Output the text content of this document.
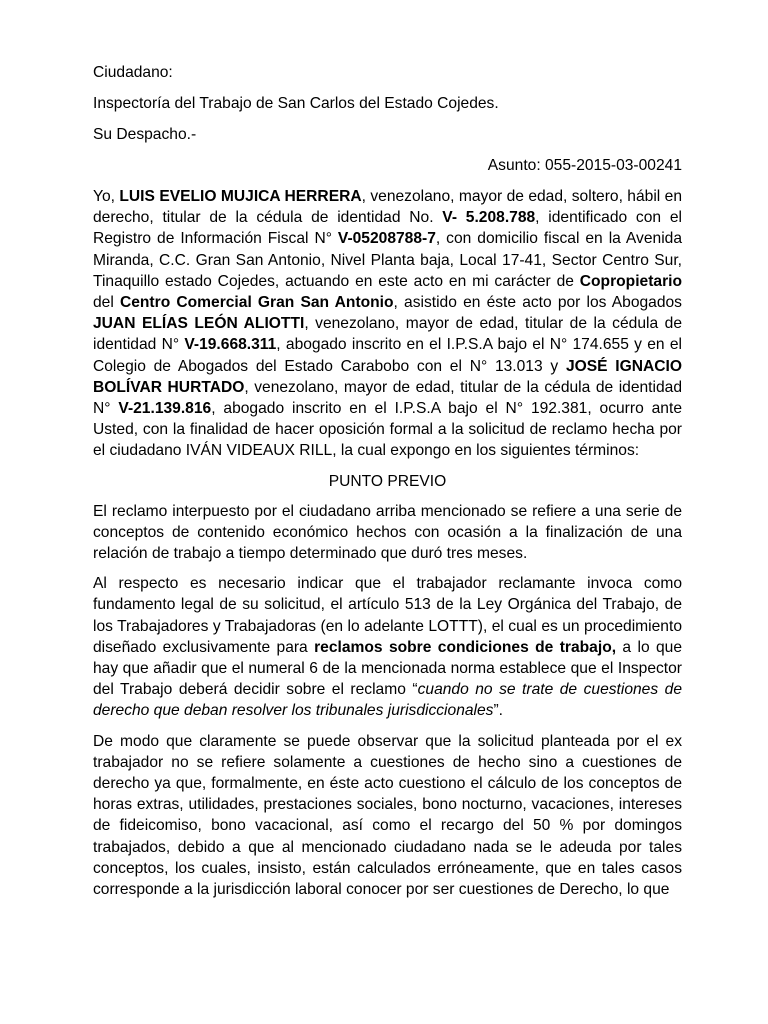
Ciudadano:

Inspectoría del Trabajo de San Carlos del Estado Cojedes.

Su Despacho.-

Asunto: 055-2015-03-00241

Yo, LUIS EVELIO MUJICA HERRERA, venezolano, mayor de edad, soltero, hábil en derecho, titular de la cédula de identidad No. V- 5.208.788, identificado con el Registro de Información Fiscal N° V-05208788-7, con domicilio fiscal en la Avenida Miranda, C.C. Gran San Antonio, Nivel Planta baja, Local 17-41, Sector Centro Sur, Tinaquillo estado Cojedes, actuando en este acto en mi carácter de Copropietario del Centro Comercial Gran San Antonio, asistido en éste acto por los Abogados JUAN ELÍAS LEÓN ALIOTTI, venezolano, mayor de edad, titular de la cédula de identidad N° V-19.668.311, abogado inscrito en el I.P.S.A bajo el N° 174.655 y en el Colegio de Abogados del Estado Carabobo con el N° 13.013 y JOSÉ IGNACIO BOLÍVAR HURTADO, venezolano, mayor de edad, titular de la cédula de identidad N° V-21.139.816, abogado inscrito en el I.P.S.A bajo el N° 192.381, ocurro ante Usted, con la finalidad de hacer oposición formal a la solicitud de reclamo hecha por el ciudadano IVÁN VIDEAUX RILL, la cual expongo en los siguientes términos:

PUNTO PREVIO

El reclamo interpuesto por el ciudadano arriba mencionado se refiere a una serie de conceptos de contenido económico hechos con ocasión a la finalización de una relación de trabajo a tiempo determinado que duró tres meses.

Al respecto es necesario indicar que el trabajador reclamante invoca como fundamento legal de su solicitud, el artículo 513 de la Ley Orgánica del Trabajo, de los Trabajadores y Trabajadoras (en lo adelante LOTTT), el cual es un procedimiento diseñado exclusivamente para reclamos sobre condiciones de trabajo, a lo que hay que añadir que el numeral 6 de la mencionada norma establece que el Inspector del Trabajo deberá decidir sobre el reclamo “cuando no se trate de cuestiones de derecho que deban resolver los tribunales jurisdiccionales”.

De modo que claramente se puede observar que la solicitud planteada por el ex trabajador no se refiere solamente a cuestiones de hecho sino a cuestiones de derecho ya que, formalmente, en éste acto cuestiono el cálculo de los conceptos de horas extras, utilidades, prestaciones sociales, bono nocturno, vacaciones, intereses de fideicomiso, bono vacacional, así como el recargo del 50 % por domingos trabajados, debido a que al mencionado ciudadano nada se le adeuda por tales conceptos, los cuales, insisto, están calculados erróneamente, que en tales casos corresponde a la jurisdicción laboral conocer por ser cuestiones de Derecho, lo que
